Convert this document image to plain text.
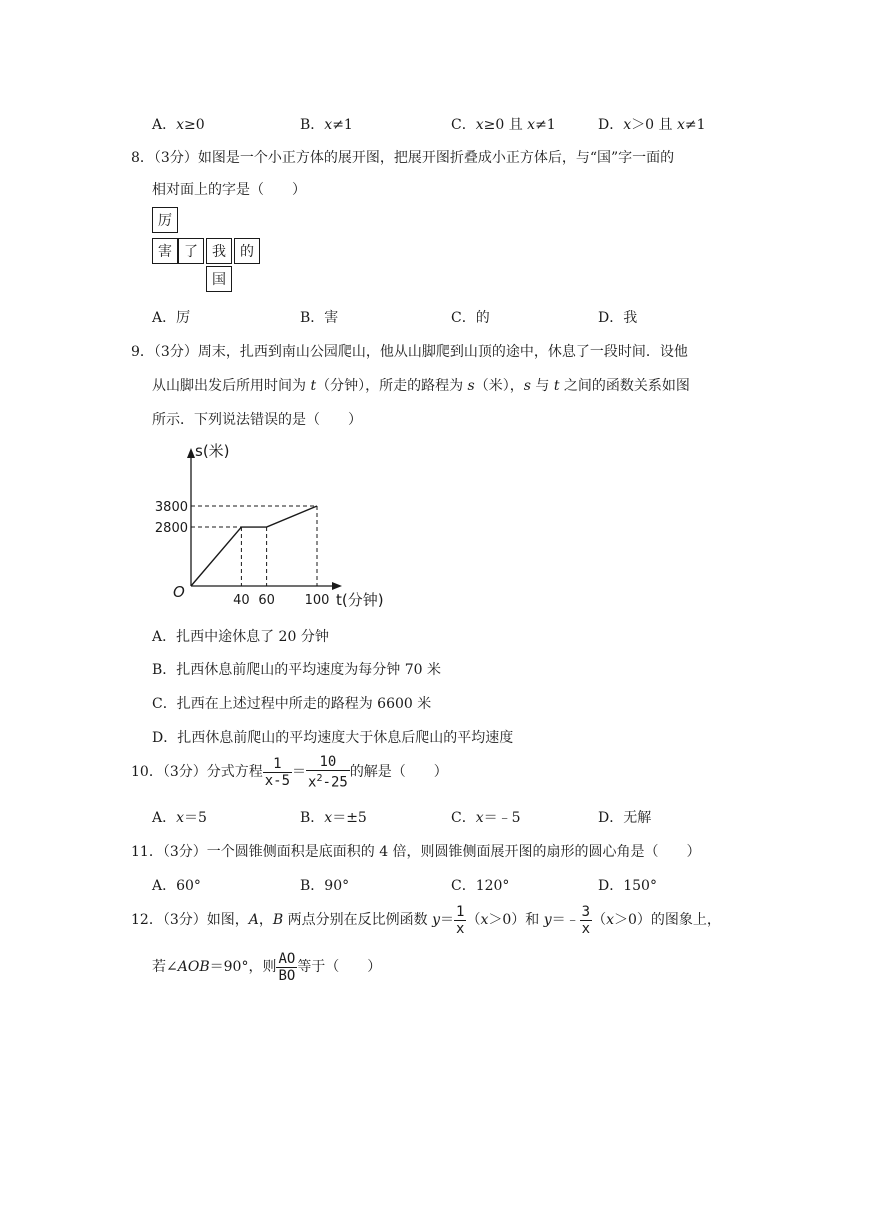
A．x≥0	B．x≠1	C．x≥0 且 x≠1	D．x＞0 且 x≠1
8．（3分）如图是一个小正方体的展开图，把展开图折叠成小正方体后，与“国”字一面的
相对面上的字是（　　）
厉
害 了	我	的
国
A．厉	B．害	C．的	D．我
9．（3分）周末，扎西到南山公园爬山，他从山脚爬到山顶的途中，休息了一段时间．设他
从山脚出发后所用时间为 t（分钟），所走的路程为 s（米），s 与 t 之间的函数关系如图
所示．下列说法错误的是（　　）
s(米)
t(分钟)
O
3800
2800
40 60 100
A．扎西中途休息了 20 分钟
B．扎西休息前爬山的平均速度为每分钟 70 米
C．扎西在上述过程中所走的路程为 6600 米
D．扎西休息前爬山的平均速度大于休息后爬山的平均速度
10．（3分）分式方程 $\frac{1}{x-5} = \frac{10}{x^2-25}$ 的解是（　　）
A．x＝5	B．x＝±5	C．x＝﹣5	D．无解
11．（3分）一个圆锥侧面积是底面积的 4 倍，则圆锥侧面展开图的扇形的圆心角是（　　）
A．60°	B．90°	C．120°	D．150°
12．（3分）如图，A，B 两点分别在反比例函数 $y= \frac{1}{x} (x>0)$和 y＝﹣ $\frac{3}{x} (x>0)$的图象上，
若∠AOB＝90°，则 $\frac{AO}{BO}$ 等于（　　）
